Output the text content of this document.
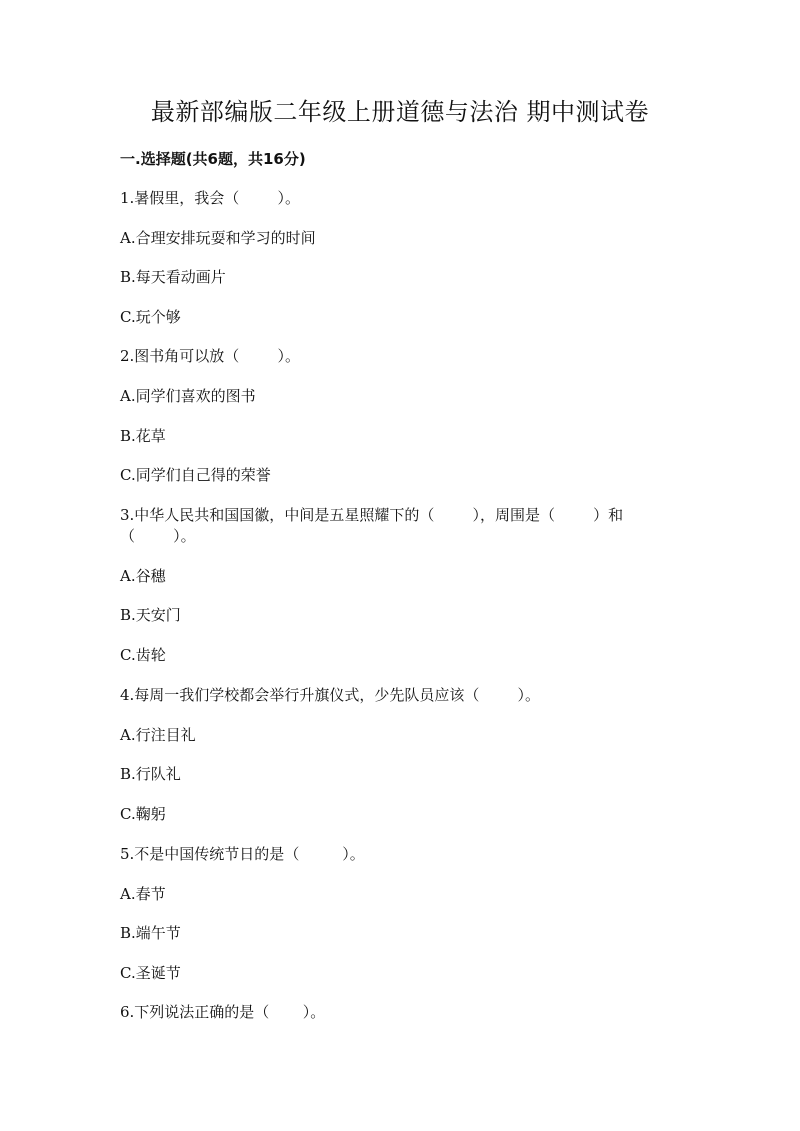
最新部编版二年级上册道德与法治 期中测试卷
一.选择题(共6题，共16分)
1.暑假里，我会（        ）。
A.合理安排玩耍和学习的时间
B.每天看动画片
C.玩个够
2.图书角可以放（        ）。
A.同学们喜欢的图书
B.花草
C.同学们自己得的荣誉
3.中华人民共和国国徽，中间是五星照耀下的（        ），周围是（        ）和
（        ）。
A.谷穗
B.天安门
C.齿轮
4.每周一我们学校都会举行升旗仪式，少先队员应该（        ）。
A.行注目礼
B.行队礼
C.鞠躬
5.不是中国传统节日的是（         ）。
A.春节
B.端午节
C.圣诞节
6.下列说法正确的是（       ）。
